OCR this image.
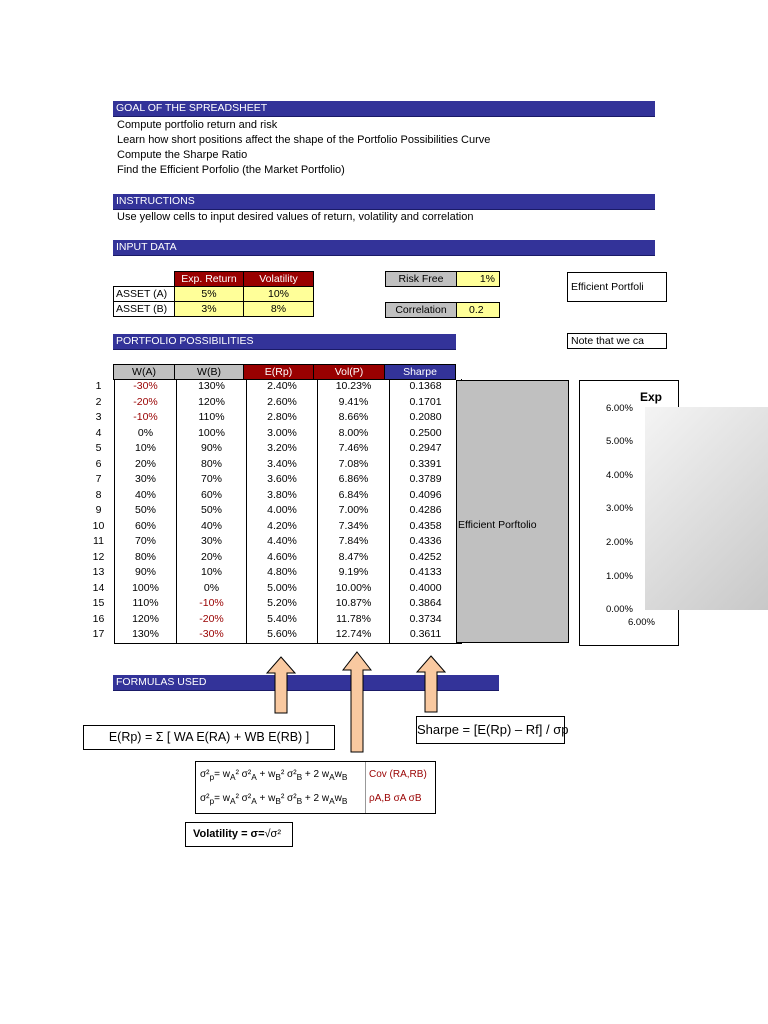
GOAL OF THE SPREADSHEET
Compute portfolio return and risk
Learn how short positions affect the shape of the Portfolio Possibilities Curve
Compute the Sharpe Ratio
Find the Efficient Porfolio (the Market Portfolio)
INSTRUCTIONS
Use yellow cells to input desired values of return, volatility and correlation
INPUT DATA
Exp. Return	Volatility
ASSET (A)	5%	10%
ASSET (B)	3%	8%
Risk Free	1%
Correlation	0.2
Efficient Portfoli
PORTFOLIO POSSIBILITIES	Note that we ca
W(A)	W(B)	E(Rp)	Vol(P)	Sharpe
1	-30%	130%	2.40%	10.23%	0.1368
2	-20%	120%	2.60%	9.41%	0.1701
3	-10%	110%	2.80%	8.66%	0.2080
4	0%	100%	3.00%	8.00%	0.2500
5	10%	90%	3.20%	7.46%	0.2947
6	20%	80%	3.40%	7.08%	0.3391
7	30%	70%	3.60%	6.86%	0.3789
8	40%	60%	3.80%	6.84%	0.4096
9	50%	50%	4.00%	7.00%	0.4286
10	60%	40%	4.20%	7.34%	0.4358
11	70%	30%	4.40%	7.84%	0.4336
12	80%	20%	4.60%	8.47%	0.4252
13	90%	10%	4.80%	9.19%	0.4133
14	100%	0%	5.00%	10.00%	0.4000
15	110%	-10%	5.20%	10.87%	0.3864
16	120%	-20%	5.40%	11.78%	0.3734
17	130%	-30%	5.60%	12.74%	0.3611
Efficient Porftolio
Exp
6.00%
5.00%
4.00%
3.00%
2.00%
1.00%
0.00%
6.00%
FORMULAS USED
E(Rp) = Σ [ WA E(RA) + WB E(RB) ]	Sharpe = [E(Rp) – Rf] / σp
$\sigma^2_p= w_A^2$ $\sigma^2_A + w_B^2$ $\sigma^2_B + 2$ $w_Aw_B$ Cov (RA,RB)
$\sigma^2_p= w_A^2$ $\sigma^2_A + w_B^2$ $\sigma^2_B + 2$ $w_Aw_B$ ρA,B σA σB
Volatility = σ=√σ²
